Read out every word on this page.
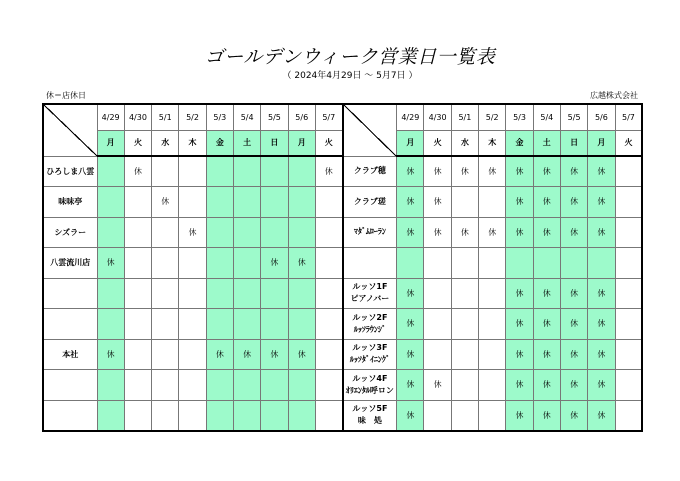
ゴールデンウィーク営業日一覧表
（ 2024年4月29日 ～ 5月7日 ）
休＝店休日	広越株式会社
	4/29	4/30	5/1	5/2	5/3	5/4	5/5	5/6	5/7		4/29	4/30	5/1	5/2	5/3	5/4	5/5	5/6	5/7
	月	火	水	木	金	土	日	月	火		月	火	水	木	金	土	日	月	火
ひろしま八雲		休							休	クラブ穂	休	休	休	休	休	休	休	休	
味味亭			休							クラブ瑳	休	休			休	休	休	休	
シズラー				休						ﾏﾀﾞﾑﾛｰﾗﾝ	休	休	休	休	休	休	休	休	
八雲流川店	休						休	休		

										ルッソ1F
ピアノバー	休				休	休	休	休	

										ルッソ2F
ﾙｯｿﾗｳﾝｼﾞ	休				休	休	休	休	
本社	休				休	休	休	休		ルッソ3F
ﾙｯｿﾀﾞｲﾆﾝｸﾞ	休				休	休	休	休	

										ルッソ4F
ｵﾘｴﾝﾀﾙ呼ロン	休	休			休	休	休	休	

										ルッソ5F
味　処	休				休	休	休	休	
